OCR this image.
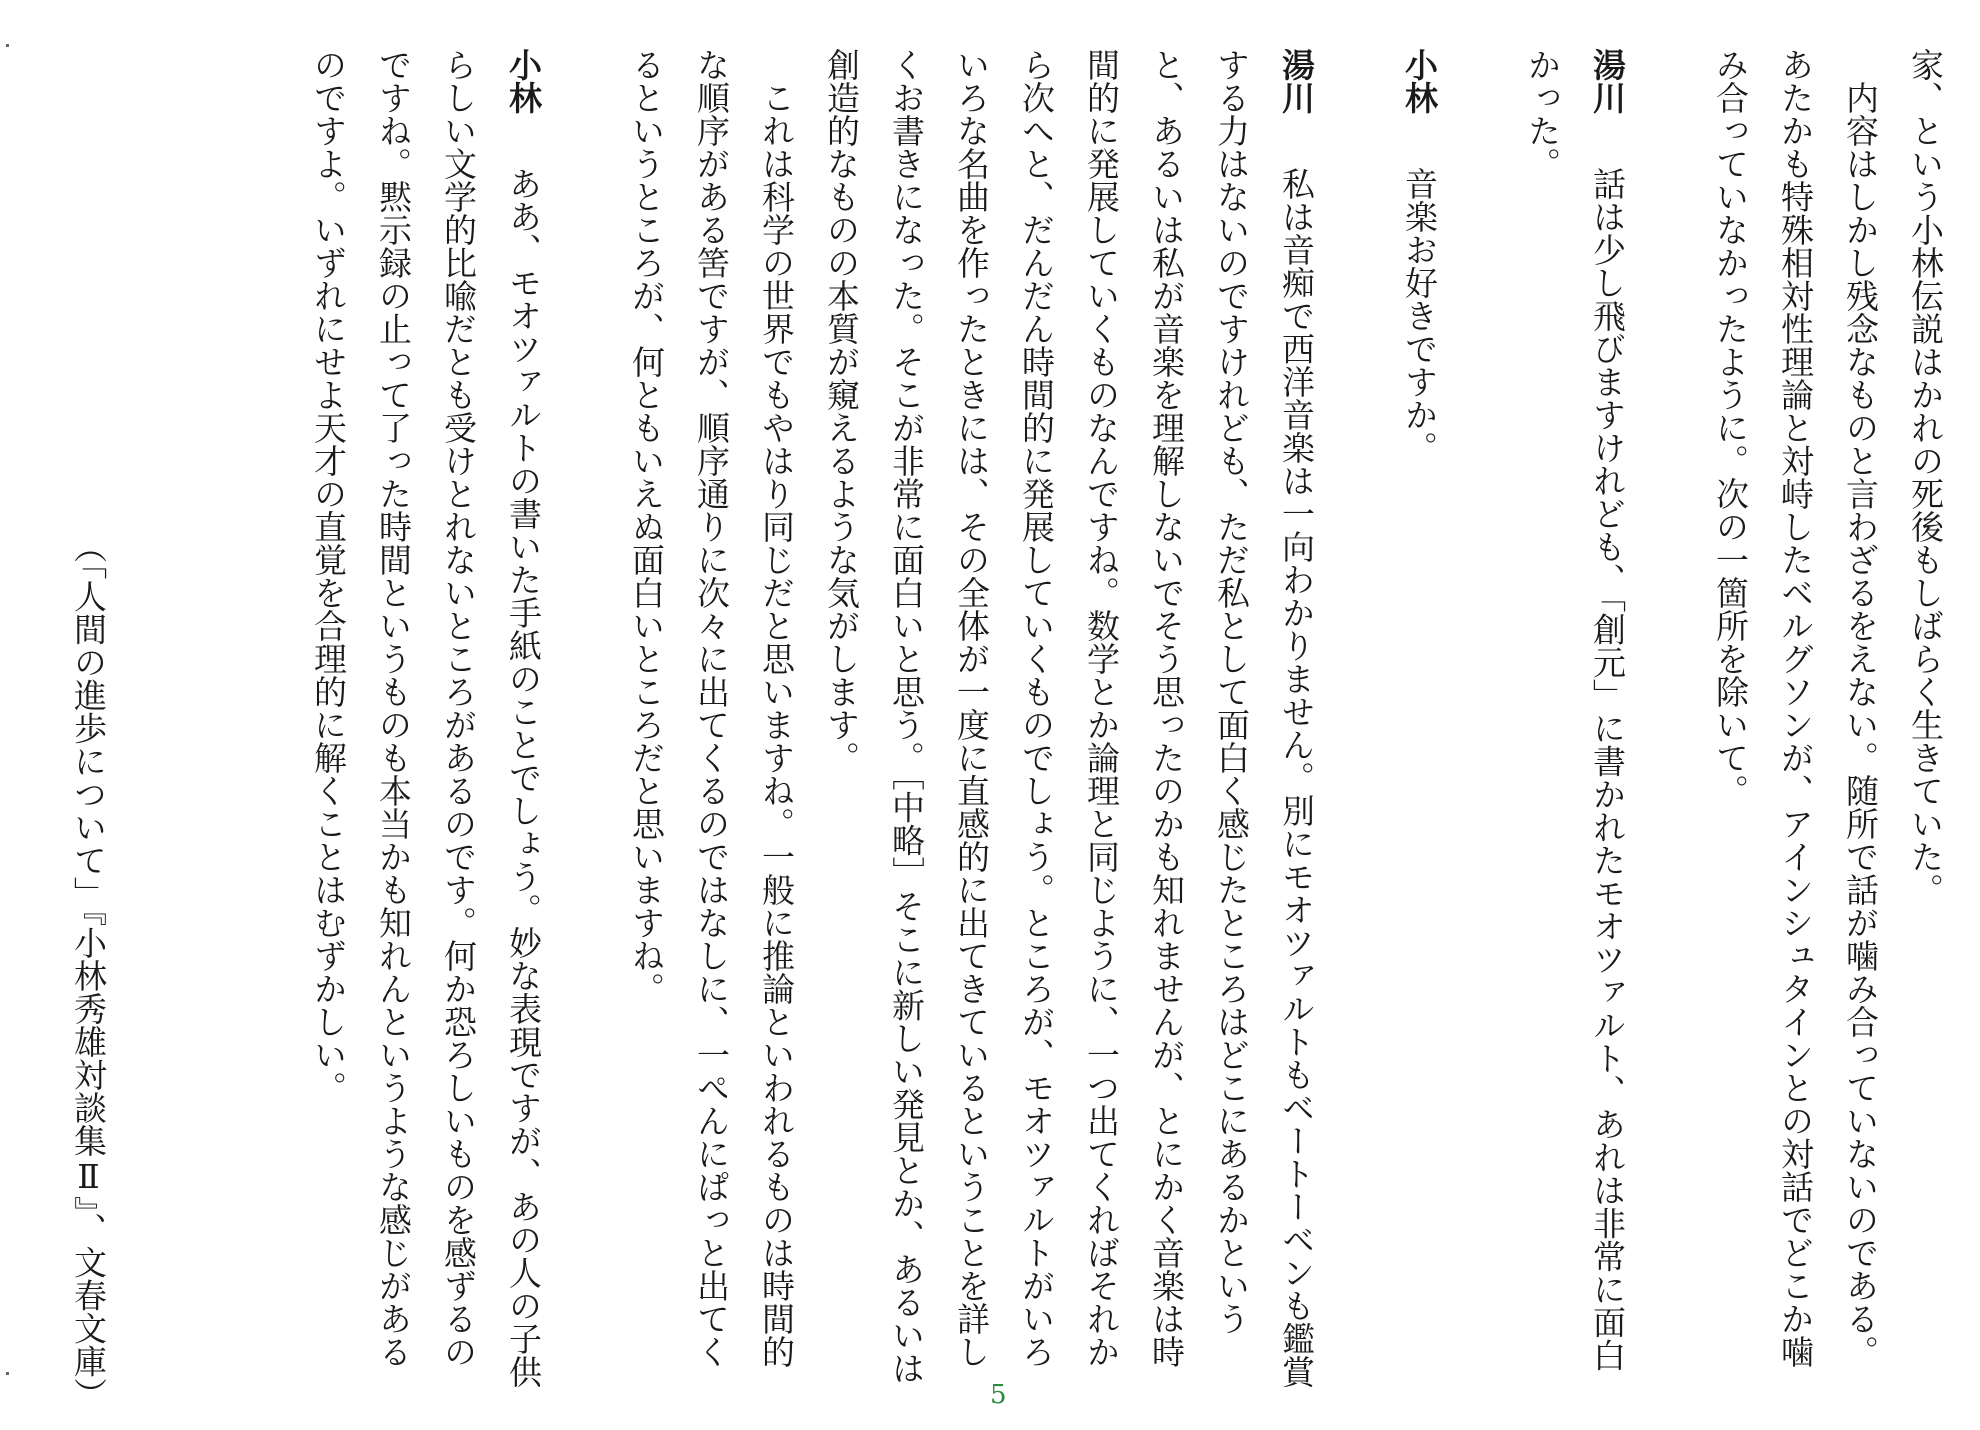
家、という小林伝説はかれの死後もしばらく生きていた。

内容はしかし残念なものと言わざるをえない。随所で話が噛み合っていないのである。あたかも特殊相対性理論と対峙したベルグソンが、アインシュタインとの対話でどこか噛み合っていなかったように。次の一箇所を除いて。

湯川話は少し飛びますけれども、「創元」に書かれたモオツァルト、あれは非常に面白かった。

小林音楽お好きですか。

湯川私は音痴で西洋音楽は一向わかりません。別にモオツァルトもベートーベンも鑑賞する力はないのですけれども、ただ私として面白く感じたところはどこにあるかというと、あるいは私が音楽を理解しないでそう思ったのかも知れませんが、とにかく音楽は時間的に発展していくものなんですね。数学とか論理と同じように、一つ出てくればそれから次へと、だんだん時間的に発展していくものでしょう。ところが、モオツァルトがいろいろな名曲を作ったときには、その全体が一度に直感的に出てきているということを詳しくお書きになった。そこが非常に面白いと思う。［中略］そこに新しい発見とか、あるいは創造的なものの本質が窺えるような気がします。

これは科学の世界でもやはり同じだと思いますね。一般に推論といわれるものは時間的な順序がある筈ですが、順序通りに次々に出てくるのではなしに、一ぺんにぱっと出てくるというところが、何ともいえぬ面白いところだと思いますね。

小林ああ、モオツァルトの書いた手紙のことでしょう。妙な表現ですが、あの人の子供らしい文学的比喩だとも受けとれないところがあるのです。何か恐ろしいものを感ずるのですね。黙示録の止って了った時間というものも本当かも知れんというような感じがあるのですよ。いずれにせよ天才の直覚を合理的に解くことはむずかしい。

（「人間の進歩について」『小林秀雄対談集Ⅱ』、文春文庫）	5
